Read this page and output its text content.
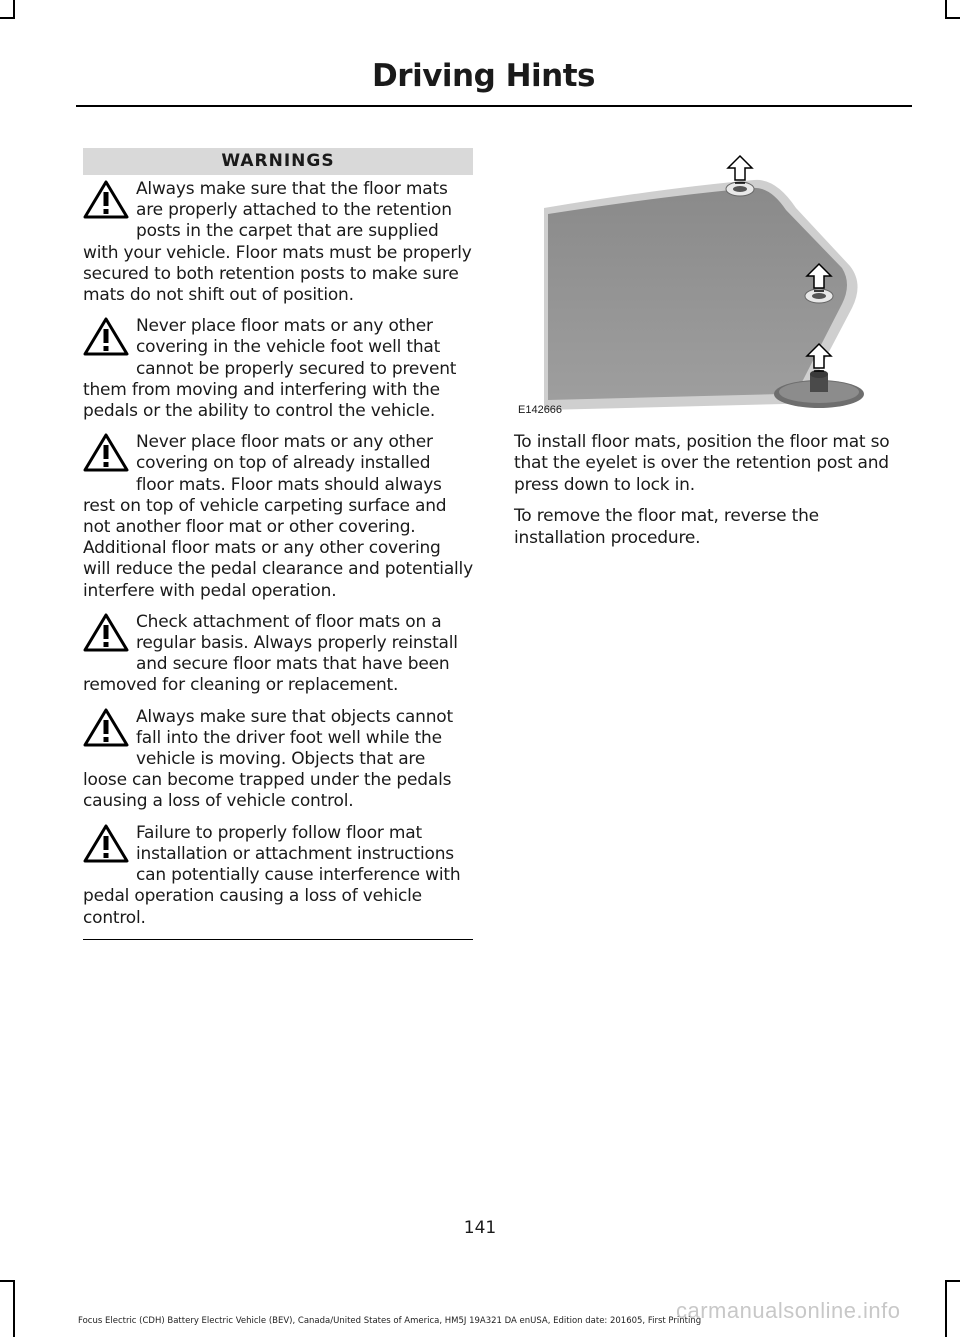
Driving Hints
WARNINGS
Always make sure that the floor mats are properly attached to the retention posts in the carpet that are supplied with your vehicle. Floor mats must be properly secured to both retention posts to make sure mats do not shift out of position.
Never place floor mats or any other covering in the vehicle foot well that cannot be properly secured to prevent them from moving and interfering with the pedals or the ability to control the vehicle.
Never place floor mats or any other covering on top of already installed floor mats. Floor mats should always rest on top of vehicle carpeting surface and not another floor mat or other covering. Additional floor mats or any other covering will reduce the pedal clearance and potentially interfere with pedal operation.
Check attachment of floor mats on a regular basis. Always properly reinstall and secure floor mats that have been removed for cleaning or replacement.
Always make sure that objects cannot fall into the driver foot well while the vehicle is moving. Objects that are loose can become trapped under the pedals causing a loss of vehicle control.
Failure to properly follow floor mat installation or attachment instructions can potentially cause interference with pedal operation causing a loss of vehicle control.
E142666

To install floor mats, position the floor mat so that the eyelet is over the retention post and press down to lock in.

To remove the floor mat, reverse the installation procedure.

141
carmanualsonline.info
Focus Electric (CDH) Battery Electric Vehicle (BEV), Canada/United States of America, HM5J 19A321 DA enUSA, Edition date: 201605, First Printing
